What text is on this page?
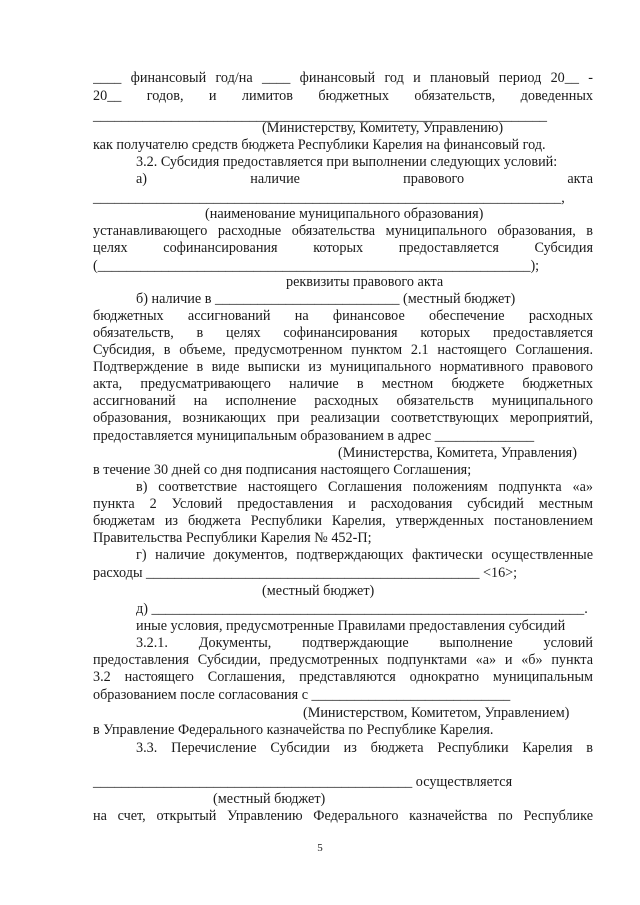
____ финансовый год/на ____ финансовый год и плановый период 20__ -
20__ годов, и лимитов бюджетных обязательств, доведенных
________________________________________________________________
(Министерству, Комитету, Управлению)
как получателю средств бюджета Республики Карелия на финансовый год.
3.2. Субсидия предоставляется при выполнении следующих условий:
а) наличие правового акта
__________________________________________________________________,
(наименование муниципального образования)
устанавливающего расходные обязательства муниципального образования, в
целях софинансирования которых предоставляется Субсидия
(_____________________________________________________________);
реквизиты правового акта
б) наличие в __________________________ (местный бюджет)
бюджетных ассигнований на финансовое обеспечение расходных
обязательств, в целях софинансирования которых предоставляется
Субсидия, в объеме, предусмотренном пунктом 2.1 настоящего Соглашения.
Подтверждение в виде выписки из муниципального нормативного правового
акта, предусматривающего наличие в местном бюджете бюджетных
ассигнований на исполнение расходных обязательств муниципального
образования, возникающих при реализации соответствующих мероприятий,
предоставляется муниципальным образованием в адрес ______________
(Министерства, Комитета, Управления)
в течение 30 дней со дня подписания настоящего Соглашения;
в) соответствие настоящего Соглашения положениям подпункта «а»
пункта 2 Условий предоставления и расходования субсидий местным
бюджетам из бюджета Республики Карелия, утвержденных постановлением
Правительства Республики Карелия № 452-П;
г) наличие документов, подтверждающих фактически осуществленные
расходы _______________________________________________ <16>;
(местный бюджет)
д) _____________________________________________________________.
иные условия, предусмотренные Правилами предоставления субсидий
3.2.1. Документы, подтверждающие выполнение условий
предоставления Субсидии, предусмотренных подпунктами «а» и «б» пункта
3.2 настоящего Соглашения, представляются однократно муниципальным
образованием после согласования с ____________________________
(Министерством, Комитетом, Управлением)
в Управление Федерального казначейства по Республике Карелия.
3.3. Перечисление Субсидии из бюджета Республики Карелия в
_____________________________________________ осуществляется
(местный бюджет)
на счет, открытый Управлению Федерального казначейства по Республике
5
